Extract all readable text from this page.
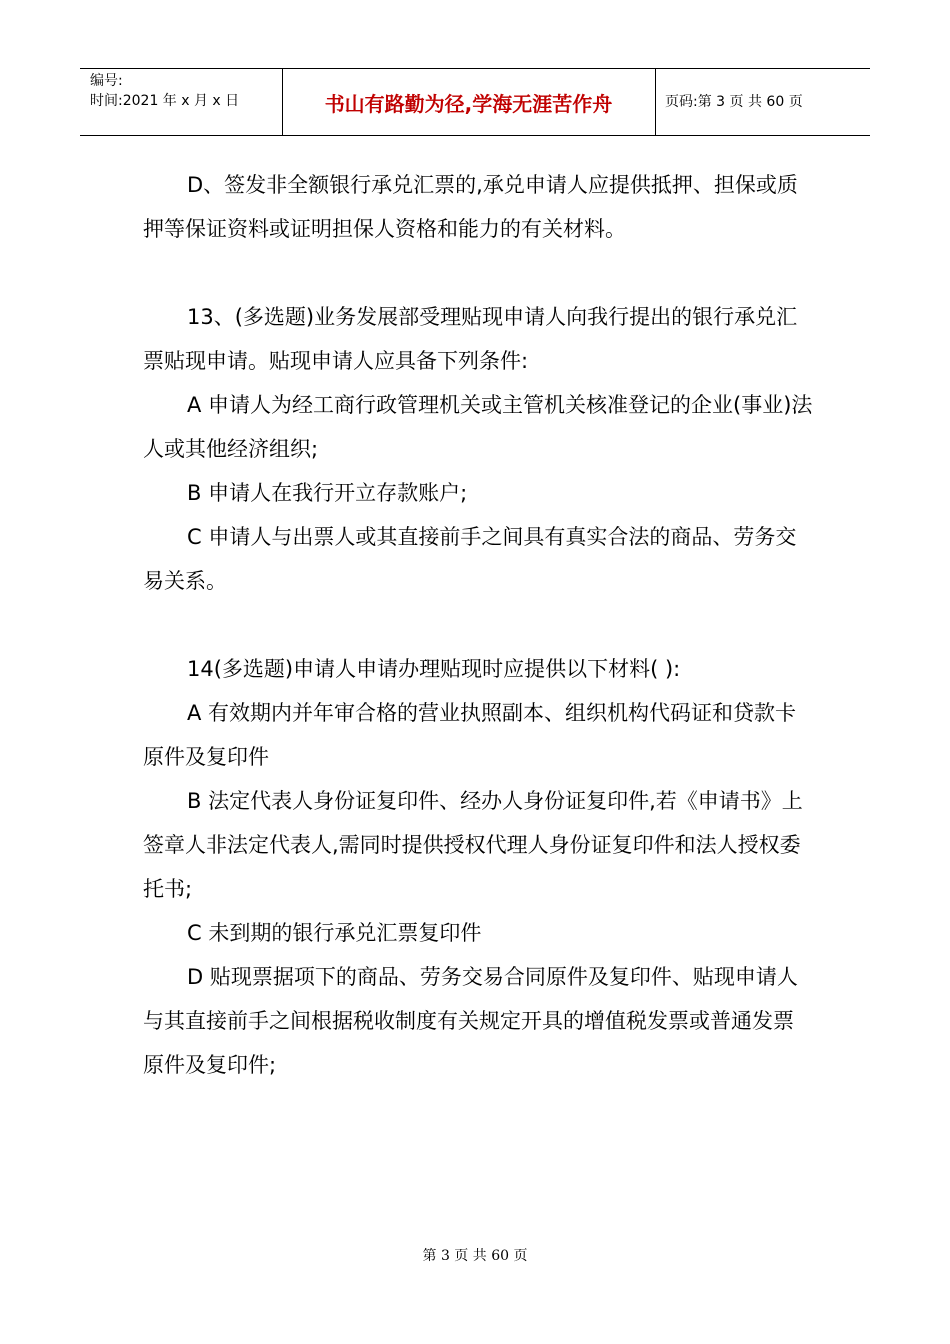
编号:
时间:2021 年 x 月 x 日	书山有路勤为径,学海无涯苦作舟	页码:第 3 页 共 60 页

D、签发非全额银行承兑汇票的,承兑申请人应提供抵押、担保或质押等保证资料或证明担保人资格和能力的有关材料。

13、(多选题)业务发展部受理贴现申请人向我行提出的银行承兑汇票贴现申请。贴现申请人应具备下列条件:

A 申请人为经工商行政管理机关或主管机关核准登记的企业(事业)法人或其他经济组织;

B 申请人在我行开立存款账户;

C 申请人与出票人或其直接前手之间具有真实合法的商品、劳务交易关系。

14(多选题)申请人申请办理贴现时应提供以下材料( ):

A 有效期内并年审合格的营业执照副本、组织机构代码证和贷款卡原件及复印件

B 法定代表人身份证复印件、经办人身份证复印件,若《申请书》上签章人非法定代表人,需同时提供授权代理人身份证复印件和法人授权委托书;

C 未到期的银行承兑汇票复印件

D 贴现票据项下的商品、劳务交易合同原件及复印件、贴现申请人与其直接前手之间根据税收制度有关规定开具的增值税发票或普通发票原件及复印件;

第 3 页 共 60 页
